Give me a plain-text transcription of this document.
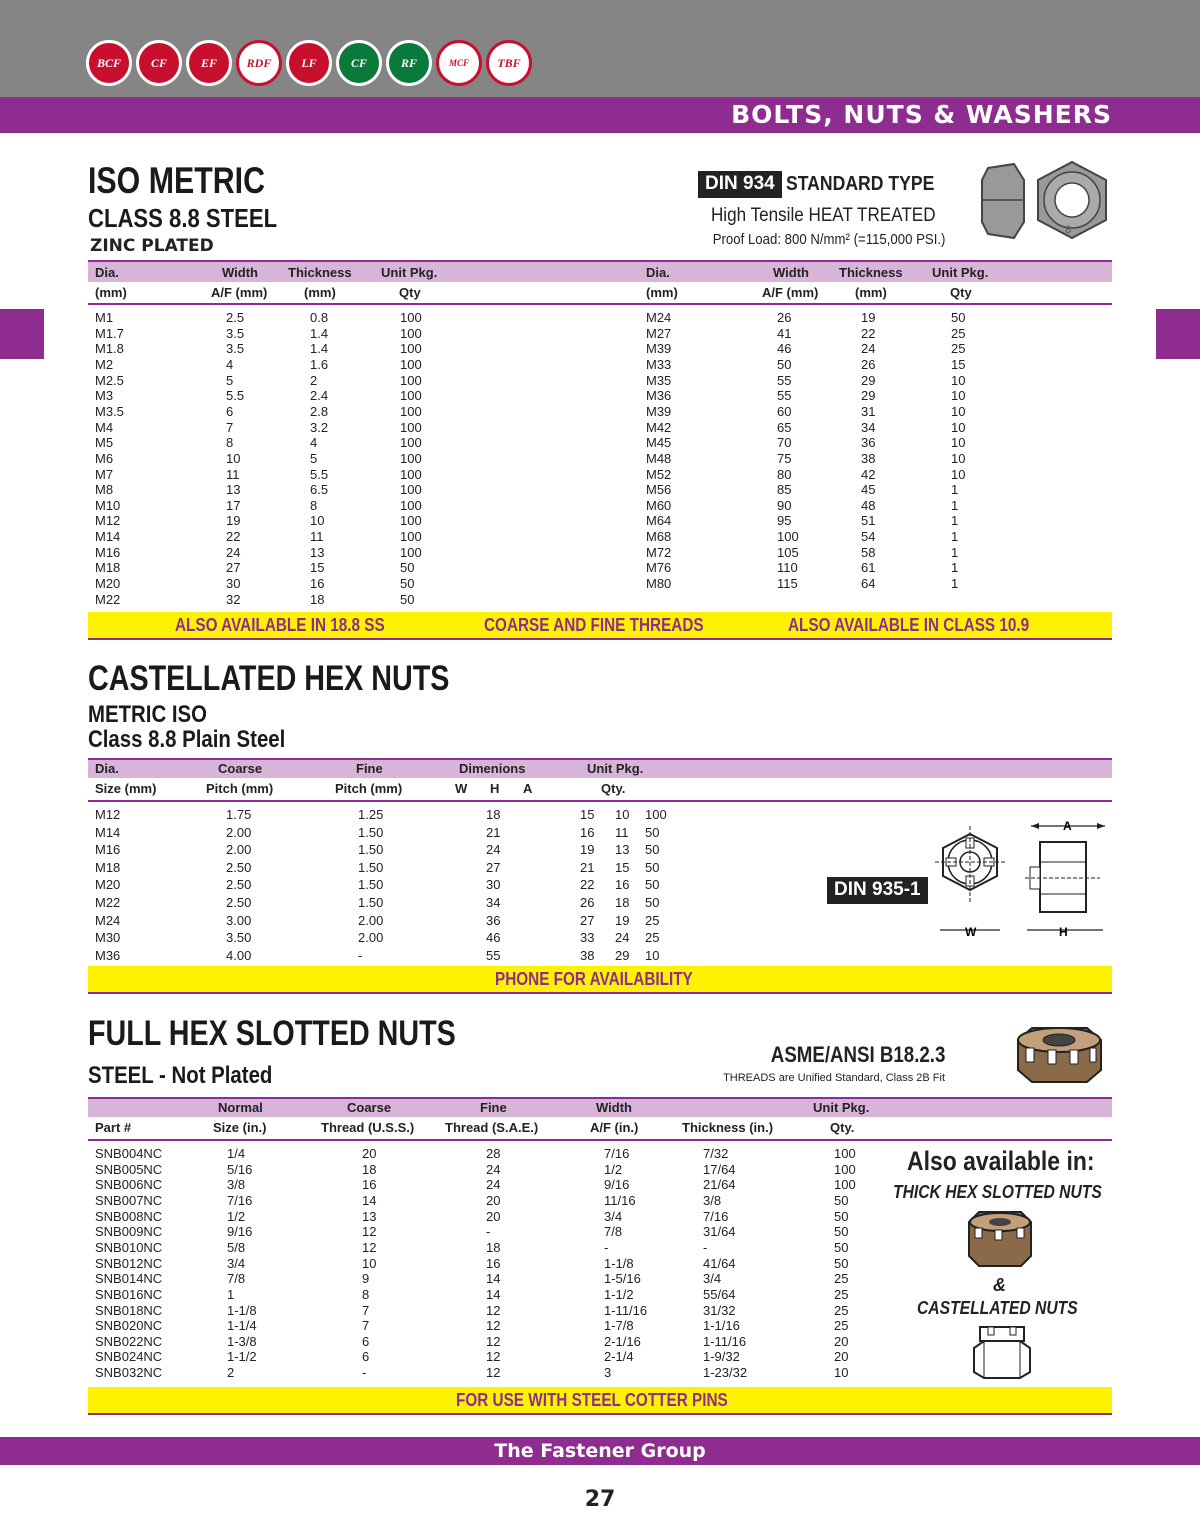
BCF	CF	EF	RDF	LF	CF	RF	MCF	TBF
BOLTS, NUTS & WASHERS
ISO METRIC
CLASS 8.8 STEEL
ZINC PLATED
DIN 934 STANDARD TYPE
High Tensile HEAT TREATED
Proof Load: 800 N/mm² (=115,000 PSI.)
8
Dia.	Width Thickness Unit Pkg.
(mm)	A/F (mm)	(mm)	Qty
Dia.	Width Thickness Unit Pkg.
(mm)	A/F (mm)	(mm)	Qty
M1	2.5	0.8	100
M1.7	3.5	1.4	100
M1.8	3.5	1.4	100
M2	4	1.6	100
M2.5	5	2	100
M3	5.5	2.4	100
M3.5	6	2.8	100
M4	7	3.2	100
M5	8	4	100
M6	10	5	100
M7	11	5.5	100
M8	13	6.5	100
M10	17	8	100
M12	19	10	100
M14	22	11	100
M16	24	13	100
M18	27	15	50
M20	30	16	50
M22	32	18	50
M24	26	19	50
M27	41	22	25
M39	46	24	25
M33	50	26	15
M35	55	29	10
M36	55	29	10
M39	60	31	10
M42	65	34	10
M45	70	36	10
M48	75	38	10
M52	80	42	10
M56	85	45	1
M60	90	48	1
M64	95	51	1
M68	100	54	1
M72	105	58	1
M76	110	61	1
M80	115	64	1
ALSO AVAILABLE IN 18.8 SS	COARSE AND FINE THREADS	ALSO AVAILABLE IN CLASS 10.9
CASTELLATED HEX NUTS
METRIC ISO
Class 8.8 Plain Steel
Dia.	Coarse	Fine	Dimenions	Unit Pkg.
Size (mm)	Pitch (mm)	Pitch (mm)	W H A	Qty.
M12	1.75	1.25	18	15 10 100
M14	2.00	1.50	21	16 11 50
M16	2.00	1.50	24	19 13 50
M18	2.50	1.50	27	21 15 50
M20	2.50	1.50	30	22 16 50
M22	2.50	1.50	34	26 18 50
M24	3.00	2.00	36	27 19 25
M30	3.50	2.00	46	33 24 25
M36	4.00	-	55	38 29 10
A
W	H
DIN 935-1
PHONE FOR AVAILABILITY
FULL HEX SLOTTED NUTS
STEEL - Not Plated
ASME/ANSI B18.2.3
THREADS are Unified Standard, Class 2B Fit
Normal	Coarse	Fine	Width	Unit Pkg.
Part #	Size (in.)	Thread (U.S.S.) Thread (S.A.E.)	A/F (in.)	Thickness (in.)	Qty.
SNB004NC	1/4	20	28	7/16	7/32	100
SNB005NC	5/16	18	24	1/2	17/64	100
SNB006NC	3/8	16	24	9/16	21/64	100
SNB007NC	7/16	14	20	11/16	3/8	50
SNB008NC	1/2	13	20	3/4	7/16	50
SNB009NC	9/16	12	-	7/8	31/64	50
SNB010NC	5/8	12	18	-	-	50
SNB012NC	3/4	10	16	1-1/8	41/64	50
SNB014NC	7/8	9	14	1-5/16	3/4	25
SNB016NC	1	8	14	1-1/2	55/64	25
SNB018NC	1-1/8	7	12	1-11/16	31/32	25
SNB020NC	1-1/4	7	12	1-7/8	1-1/16	25
SNB022NC	1-3/8	6	12	2-1/16	1-11/16	20
SNB024NC	1-1/2	6	12	2-1/4	1-9/32	20
SNB032NC	2	-	12	3	1-23/32	10
Also available in:
THICK HEX SLOTTED NUTS
&
CASTELLATED NUTS
FOR USE WITH STEEL COTTER PINS
The Fastener Group
27
